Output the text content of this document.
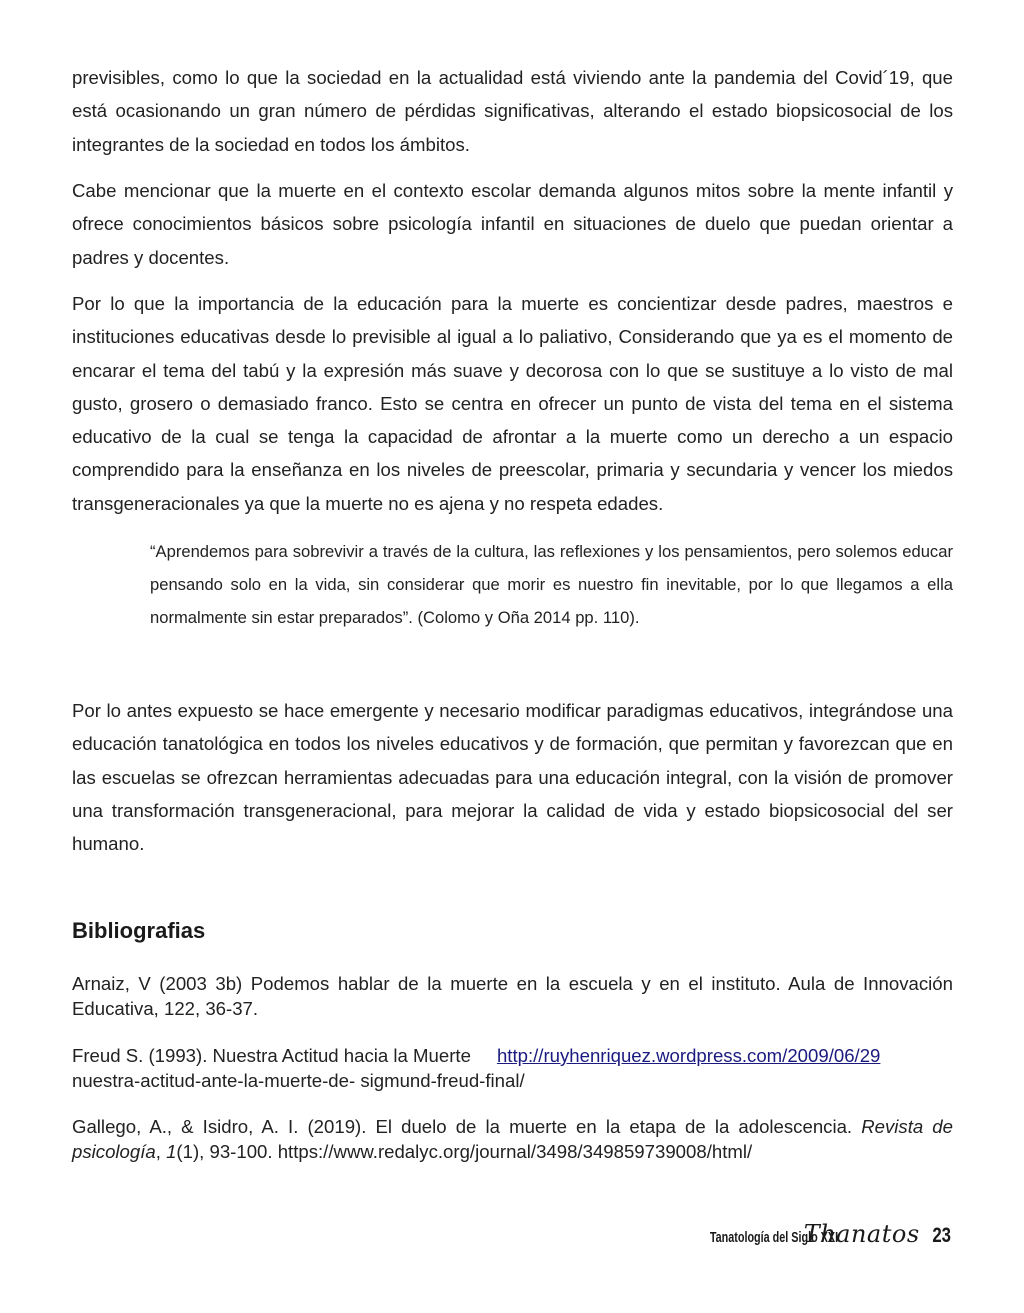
previsibles, como lo que la sociedad en la actualidad está viviendo ante la pandemia del Covid´19, que está ocasionando un gran número de pérdidas significativas, alterando el estado biopsicosocial de los integrantes de la sociedad en todos los ámbitos.

Cabe mencionar que la muerte en el contexto escolar demanda algunos mitos sobre la mente infantil y ofrece conocimientos básicos sobre psicología infantil en situaciones de duelo que puedan orientar a padres y docentes.

Por lo que la importancia de la educación para la muerte es concientizar desde padres, maestros e instituciones educativas desde lo previsible al igual a lo paliativo, Considerando que ya es el momento de encarar el tema del tabú y la expresión más suave y decorosa con lo que se sustituye a lo visto de mal gusto, grosero o demasiado franco. Esto se centra en ofrecer un punto de vista del tema en el sistema educativo de la cual se tenga la capacidad de afrontar a la muerte como un derecho a un espacio comprendido para la enseñanza en los niveles de preescolar, primaria y secundaria y vencer los miedos transgeneracionales ya que la muerte no es ajena y no respeta edades.

“Aprendemos para sobrevivir a través de la cultura, las reflexiones y los pensamientos, pero solemos educar pensando solo en la vida, sin considerar que morir es nuestro fin inevitable, por lo que llegamos a ella normalmente sin estar preparados”. (Colomo y Oña 2014 pp. 110).

Por lo antes expuesto se hace emergente y necesario modificar paradigmas educativos, integrándose una educación tanatológica en todos los niveles educativos y de formación, que permitan y favorezcan que en las escuelas se ofrezcan herramientas adecuadas para una educación integral, con la visión de promover una transformación transgeneracional, para mejorar la calidad de vida y estado biopsicosocial del ser humano.

Bibliografias

Arnaiz, V (2003 3b) Podemos hablar de la muerte en la escuela y en el instituto. Aula de Innovación Educativa, 122, 36-37.

Freud S. (1993). Nuestra Actitud hacia la Muerte http://ruyhenriquez.wordpress.com/2009/06/29
nuestra-actitud-ante-la-muerte-de- sigmund-freud-final/

Gallego, A., & Isidro, A. I. (2019). El duelo de la muerte en la etapa de la adolescencia. Revista de psicología, 1(1), 93-100. https://www.redalyc.org/journal/3498/349859739008/html/

Tanatología del Siglo XXI
Thanatos 23
